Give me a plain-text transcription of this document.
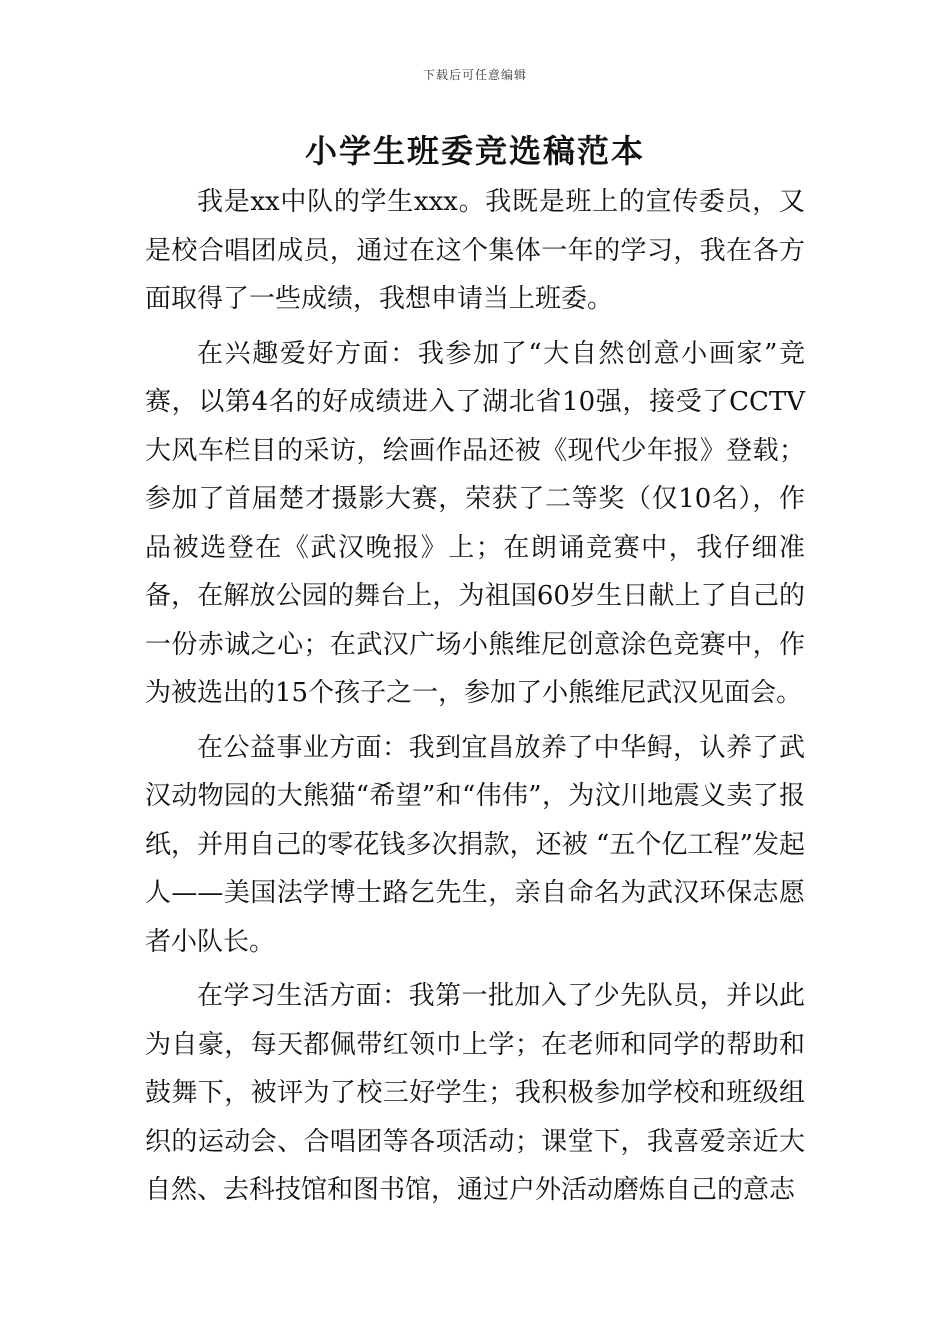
下载后可任意编辑
小学生班委竞选稿范本

我是xx中队的学生xxx。我既是班上的宣传委员，又是校合唱团成员，通过在这个集体一年的学习，我在各方面取得了一些成绩，我想申请当上班委。

在兴趣爱好方面：我参加了“大自然创意小画家”竞赛，以第4名的好成绩进入了湖北省10强，接受了CCTV大风车栏目的采访，绘画作品还被《现代少年报》登载；参加了首届楚才摄影大赛，荣获了二等奖（仅10名），作品被选登在《武汉晚报》上；在朗诵竞赛中，我仔细准备，在解放公园的舞台上，为祖国60岁生日献上了自己的一份赤诚之心；在武汉广场小熊维尼创意涂色竞赛中，作为被选出的15个孩子之一，参加了小熊维尼武汉见面会。

在公益事业方面：我到宜昌放养了中华鲟，认养了武汉动物园的大熊猫“希望”和“伟伟”，为汶川地震义卖了报纸，并用自己的零花钱多次捐款，还被 “五个亿工程”发起人——美国法学博士路乞先生，亲自命名为武汉环保志愿者小队长。

在学习生活方面：我第一批加入了少先队员，并以此为自豪，每天都佩带红领巾上学；在老师和同学的帮助和鼓舞下，被评为了校三好学生；我积极参加学校和班级组织的运动会、合唱团等各项活动；课堂下，我喜爱亲近大自然、去科技馆和图书馆，通过户外活动磨炼自己的意志
